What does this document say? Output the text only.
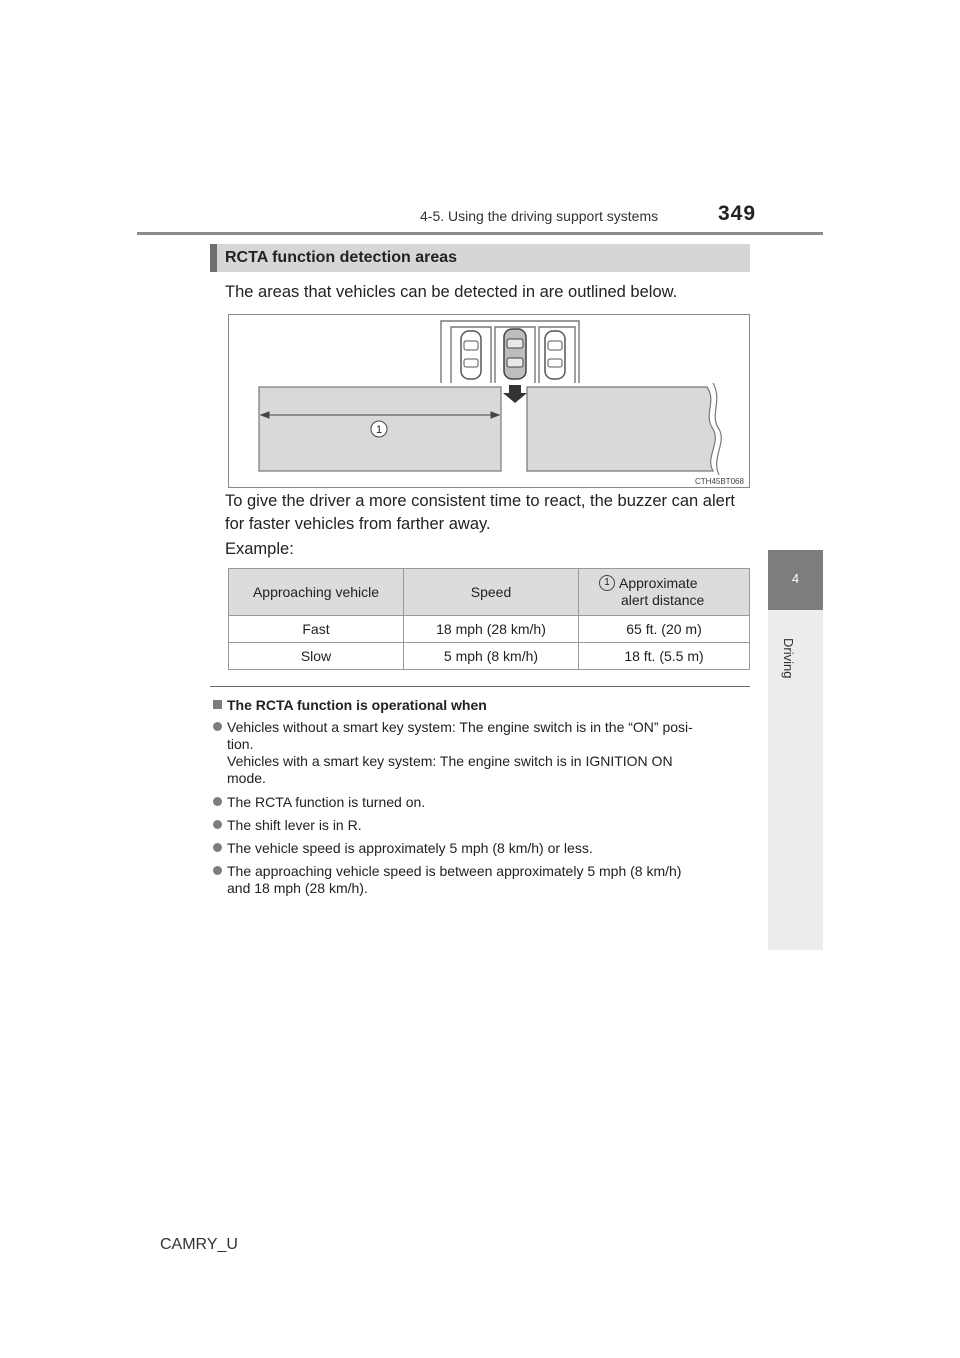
4-5. Using the driving support systems	349
4
Driving
RCTA function detection areas
The areas that vehicles can be detected in are outlined below.
1
CTH45BT068
To give the driver a more consistent time to react, the buzzer can alert
for faster vehicles from farther away.
Example:
Approaching vehicle	Speed	1 Approximate
alert distance

Fast	18 mph (28 km/h)	65 ft. (20 m)
Slow	5 mph (8 km/h)	18 ft. (5.5 m)
The RCTA function is operational when
Vehicles without a smart key system: The engine switch is in the “ON” posi-
tion.
Vehicles with a smart key system: The engine switch is in IGNITION ON
mode.
The RCTA function is turned on.
The shift lever is in R.
The vehicle speed is approximately 5 mph (8 km/h) or less.
The approaching vehicle speed is between approximately 5 mph (8 km/h)
and 18 mph (28 km/h).
CAMRY_U
